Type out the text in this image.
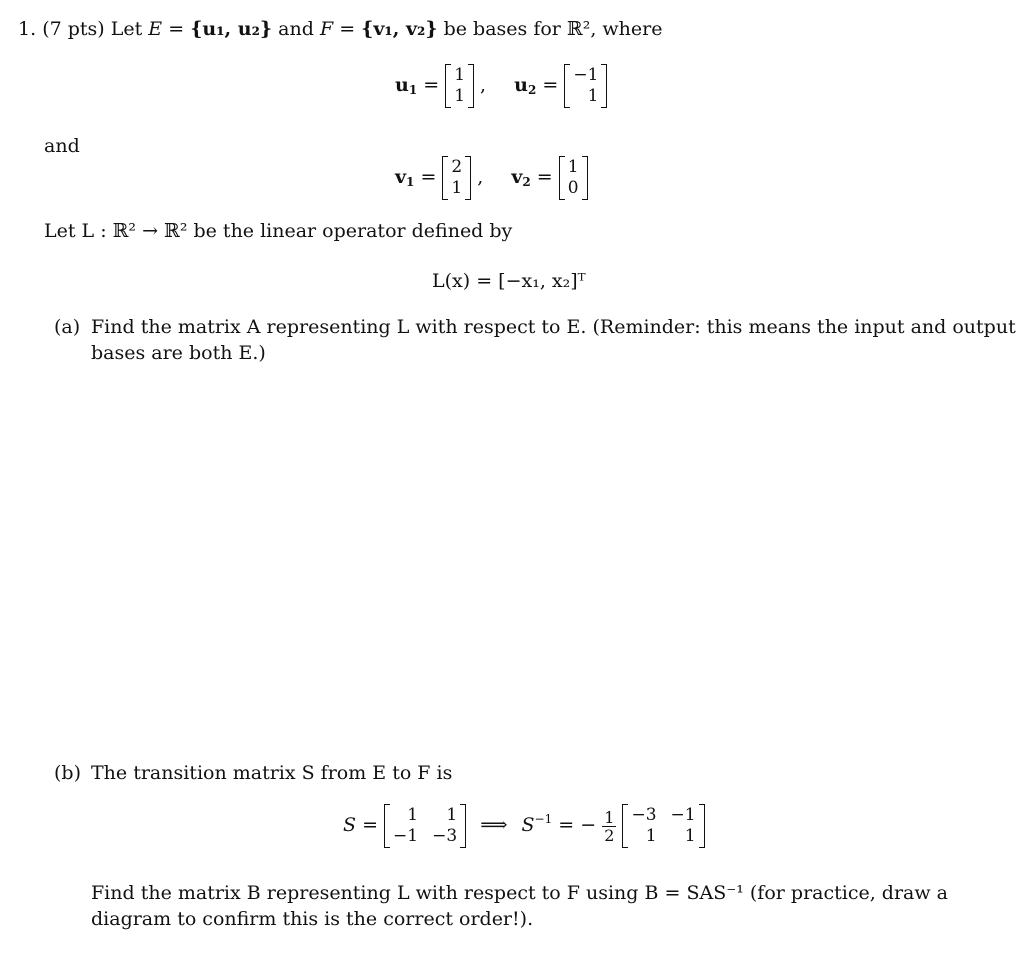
1. (7 pts) Let E = {u₁, u₂} and F = {v₁, v₂} be bases for ℝ², where
$u_1 = 1$
1 , $u_2 = -1$
1
and
$v_1 = 2$
1 , $v_2 = 1$
0
Let L : ℝ² → ℝ² be the linear operator defined by
L(x) = [−x₁, x₂]ᵀ
(a) Find the matrix A representing L with respect to E. (Reminder: this means the input and output
bases are both E.)
(b) The transition matrix S from E to F is
S = 1
−1
1
−3 ⟹ $S^{-1}$ = − $\frac{1}{2}$
−3
1
−1
1
Find the matrix B representing L with respect to F using B = SAS⁻¹ (for practice, draw a
diagram to confirm this is the correct order!).
